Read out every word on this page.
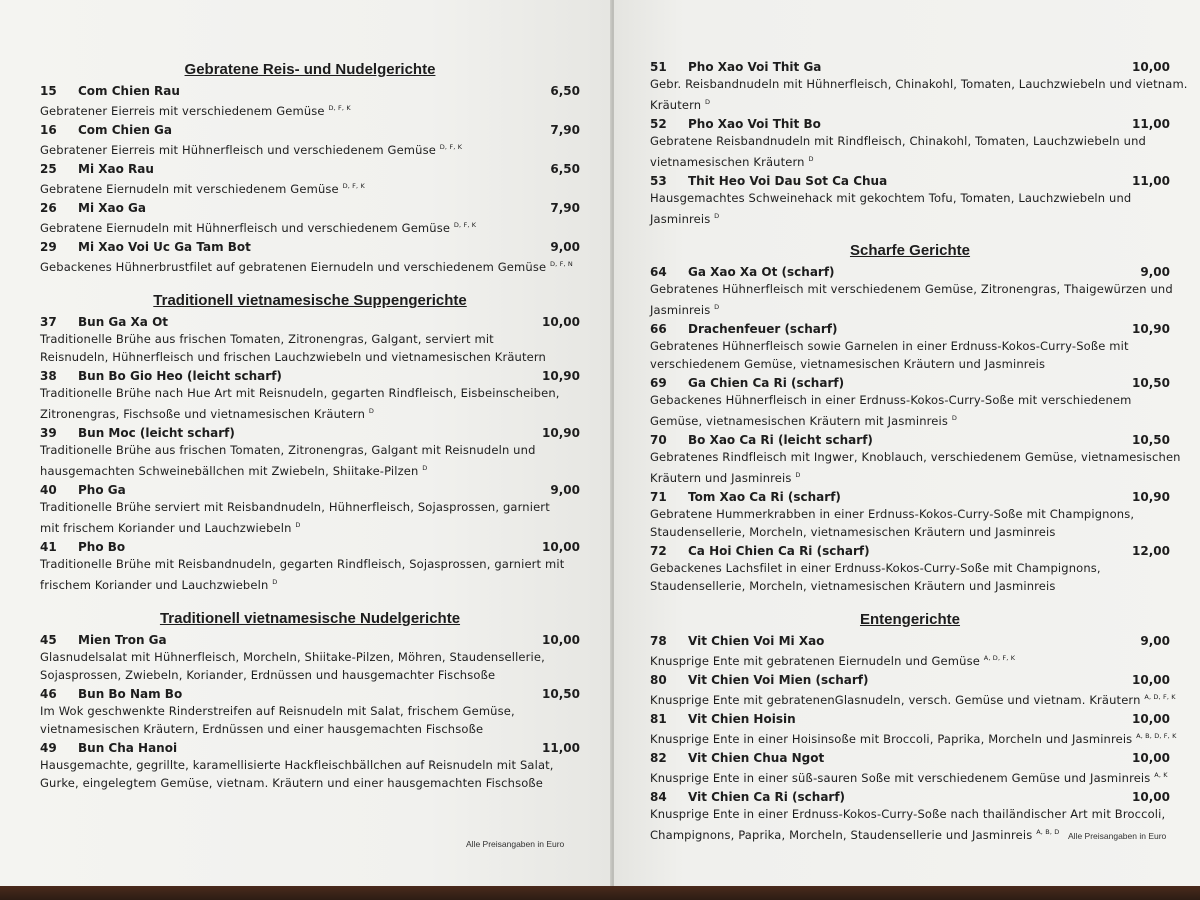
Gebratene Reis- und Nudelgerichte
15 Com Chien Rau	6,50
Gebratener Eierreis mit verschiedenem Gemüse $^{D, F, K}$
16 Com Chien Ga	7,90
Gebratener Eierreis mit Hühnerfleisch und verschiedenem Gemüse $^{D, F, K}$
25 Mi Xao Rau	6,50
Gebratene Eiernudeln mit verschiedenem Gemüse $^{D, F, K}$
26 Mi Xao Ga	7,90
Gebratene Eiernudeln mit Hühnerfleisch und verschiedenem Gemüse $^{D, F, K}$
29 Mi Xao Voi Uc Ga Tam Bot	9,00
Gebackenes Hühnerbrustfilet auf gebratenen Eiernudeln und verschiedenem Gemüse $^{D, F, N}$
Traditionell vietnamesische Suppengerichte
37 Bun Ga Xa Ot	10,00
Traditionelle Brühe aus frischen Tomaten, Zitronengras, Galgant, serviert mit
Reisnudeln, Hühnerfleisch und frischen Lauchzwiebeln und vietnamesischen Kräutern
38 Bun Bo Gio Heo (leicht scharf)	10,90
Traditionelle Brühe nach Hue Art mit Reisnudeln, gegarten Rindfleisch, Eisbeinscheiben,
Zitronengras, Fischsoße und vietnamesischen Kräutern $^D$
39 Bun Moc (leicht scharf)	10,90
Traditionelle Brühe aus frischen Tomaten, Zitronengras, Galgant mit Reisnudeln und
hausgemachten Schweinebällchen mit Zwiebeln, Shiitake-Pilzen $^D$
40 Pho Ga	9,00
Traditionelle Brühe serviert mit Reisbandnudeln, Hühnerfleisch, Sojasprossen, garniert
mit frischem Koriander und Lauchzwiebeln $^D$
41 Pho Bo	10,00
Traditionelle Brühe mit Reisbandnudeln, gegarten Rindfleisch, Sojasprossen, garniert mit
frischem Koriander und Lauchzwiebeln $^D$
Traditionell vietnamesische Nudelgerichte
45 Mien Tron Ga	10,00
Glasnudelsalat mit Hühnerfleisch, Morcheln, Shiitake-Pilzen, Möhren, Staudensellerie,
Sojasprossen, Zwiebeln, Koriander, Erdnüssen und hausgemachter Fischsoße
46 Bun Bo Nam Bo	10,50
Im Wok geschwenkte Rinderstreifen auf Reisnudeln mit Salat, frischem Gemüse,
vietnamesischen Kräutern, Erdnüssen und einer hausgemachten Fischsoße
49 Bun Cha Hanoi	11,00
Hausgemachte, gegrillte, karamellisierte Hackfleischbällchen auf Reisnudeln mit Salat,
Gurke, eingelegtem Gemüse, vietnam. Kräutern und einer hausgemachten Fischsoße
Alle Preisangaben in Euro
51 Pho Xao Voi Thit Ga	10,00
Gebr. Reisbandnudeln mit Hühnerfleisch, Chinakohl, Tomaten, Lauchzwiebeln und vietnam.
Kräutern $^D$
52 Pho Xao Voi Thit Bo	11,00
Gebratene Reisbandnudeln mit Rindfleisch, Chinakohl, Tomaten, Lauchzwiebeln und
vietnamesischen Kräutern $^D$
53 Thit Heo Voi Dau Sot Ca Chua	11,00
Hausgemachtes Schweinehack mit gekochtem Tofu, Tomaten, Lauchzwiebeln und
Jasminreis $^D$
Scharfe Gerichte
64 Ga Xao Xa Ot (scharf)	9,00
Gebratenes Hühnerfleisch mit verschiedenem Gemüse, Zitronengras, Thaigewürzen und
Jasminreis $^D$
66 Drachenfeuer (scharf)	10,90
Gebratenes Hühnerfleisch sowie Garnelen in einer Erdnuss-Kokos-Curry-Soße mit
verschiedenem Gemüse, vietnamesischen Kräutern und Jasminreis
69 Ga Chien Ca Ri (scharf)	10,50
Gebackenes Hühnerfleisch in einer Erdnuss-Kokos-Curry-Soße mit verschiedenem
Gemüse, vietnamesischen Kräutern mit Jasminreis $^D$
70 Bo Xao Ca Ri (leicht scharf)	10,50
Gebratenes Rindfleisch mit Ingwer, Knoblauch, verschiedenem Gemüse, vietnamesischen
Kräutern und Jasminreis $^D$
71 Tom Xao Ca Ri (scharf)	10,90
Gebratene Hummerkrabben in einer Erdnuss-Kokos-Curry-Soße mit Champignons,
Staudensellerie, Morcheln, vietnamesischen Kräutern und Jasminreis
72 Ca Hoi Chien Ca Ri (scharf)	12,00
Gebackenes Lachsfilet in einer Erdnuss-Kokos-Curry-Soße mit Champignons,
Staudensellerie, Morcheln, vietnamesischen Kräutern und Jasminreis
Entengerichte
78 Vit Chien Voi Mi Xao	9,00
Knusprige Ente mit gebratenen Eiernudeln und Gemüse $^{A, D, F, K}$
80 Vit Chien Voi Mien (scharf)	10,00
Knusprige Ente mit gebratenenGlasnudeln, versch. Gemüse und vietnam. Kräutern $^{A, D, F, K}$
81 Vit Chien Hoisin	10,00
Knusprige Ente in einer Hoisinsoße mit Broccoli, Paprika, Morcheln und Jasminreis $^{A, B, D, F, K}$
82 Vit Chien Chua Ngot	10,00
Knusprige Ente in einer süß-sauren Soße mit verschiedenem Gemüse und Jasminreis $^{A, K}$
84 Vit Chien Ca Ri (scharf)	10,00
Knusprige Ente in einer Erdnuss-Kokos-Curry-Soße nach thailändischer Art mit Broccoli,
Champignons, Paprika, Morcheln, Staudensellerie und Jasminreis $^{A, B, D}$	Alle Preisangaben in Euro
